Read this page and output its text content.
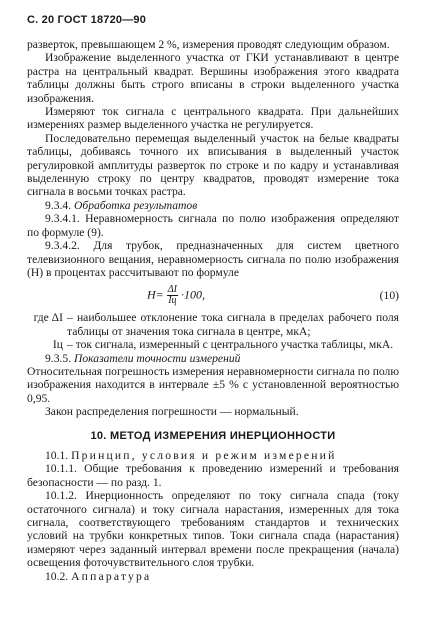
С. 20 ГОСТ 18720—90

разверток, превышающем 2 %, измерения проводят следующим образом.

Изображение выделенного участка от ГКИ устанавливают в центре растра на центральный квадрат. Вершины изображения этого квадрата таблицы должны быть строго вписаны в строки выделенного участка изображения.

Измеряют ток сигнала с центрального квадрата. При дальнейших измерениях размер выделенного участка не регулируется.

Последовательно перемещая выделенный участок на белые квадраты таблицы, добиваясь точного их вписывания в выделенный участок регулировкой амплитуды разверток по строке и по кадру и устанавливая выделенную строку по центру квадратов, проводят измерение тока сигнала в восьми точках растра.

9.3.4. Обработка результатов

9.3.4.1. Неравномерность сигнала по полю изображения определяют по формуле (9).

9.3.4.2. Для трубок, предназначенных для систем цветного телевизионного вещания, неравномерность сигнала по полю изображения (H) в процентах рассчитывают по формуле

$H= \frac{\Delta I}{Iц} \cdot 100$,	(10)
где ΔI – наибольшее отклонение тока сигнала в пределах рабочего поля таблицы от значения тока сигнала в центре, мкА;
Iц – ток сигнала, измеренный с центрального участка таблицы, мкА.

9.3.5. Показатели точности измерений

Относительная погрешность измерения неравномерности сигнала по полю изображения находится в интервале ±5 % с установленной вероятностью 0,95.

Закон распределения погрешности — нормальный.

10. МЕТОД ИЗМЕРЕНИЯ ИНЕРЦИОННОСТИ

10.1. Принцип, условия и режим измерений

10.1.1. Общие требования к проведению измерений и требования безопасности — по разд. 1.

10.1.2. Инерционность определяют по току сигнала спада (току остаточного сигнала) и току сигнала нарастания, измеренных для тока сигнала, соответствующего требованиям стандартов и технических условий на трубки конкретных типов. Токи сигнала спада (нарастания) измеряют через заданный интервал времени после прекращения (начала) освещения фоточувствительного слоя трубки.

10.2. Аппаратура
